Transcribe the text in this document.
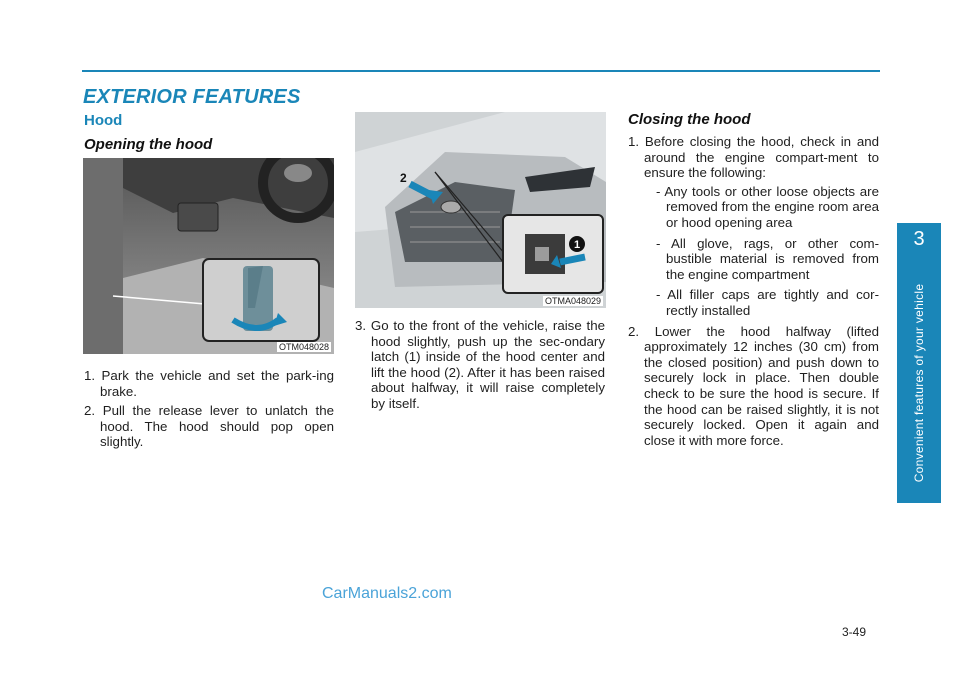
EXTERIOR FEATURES
Hood
Opening the hood
OTM048028
1. Park the vehicle and set the park-ing brake.
2. Pull the release lever to unlatch the hood. The hood should pop open slightly.
1
2
OTMA048029
3. Go to the front of the vehicle, raise the hood slightly, push up the sec-ondary latch (1) inside of the hood center and lift the hood (2). After it has been raised about halfway, it will raise completely by itself.
Closing the hood
1. Before closing the hood, check in and around the engine compart-ment to ensure the following:
- Any tools or other loose objects are removed from the engine room area or hood opening area
- All glove, rags, or other com-bustible material is removed from the engine compartment
- All filler caps are tightly and cor-rectly installed
2. Lower the hood halfway (lifted approximately 12 inches (30 cm) from the closed position) and push down to securely lock in place. Then double check to be sure the hood is secure. If the hood can be raised slightly, it is not securely locked. Open it again and close it with more force.
3
Convenient features of your vehicle
CarManuals2.com
3-49
